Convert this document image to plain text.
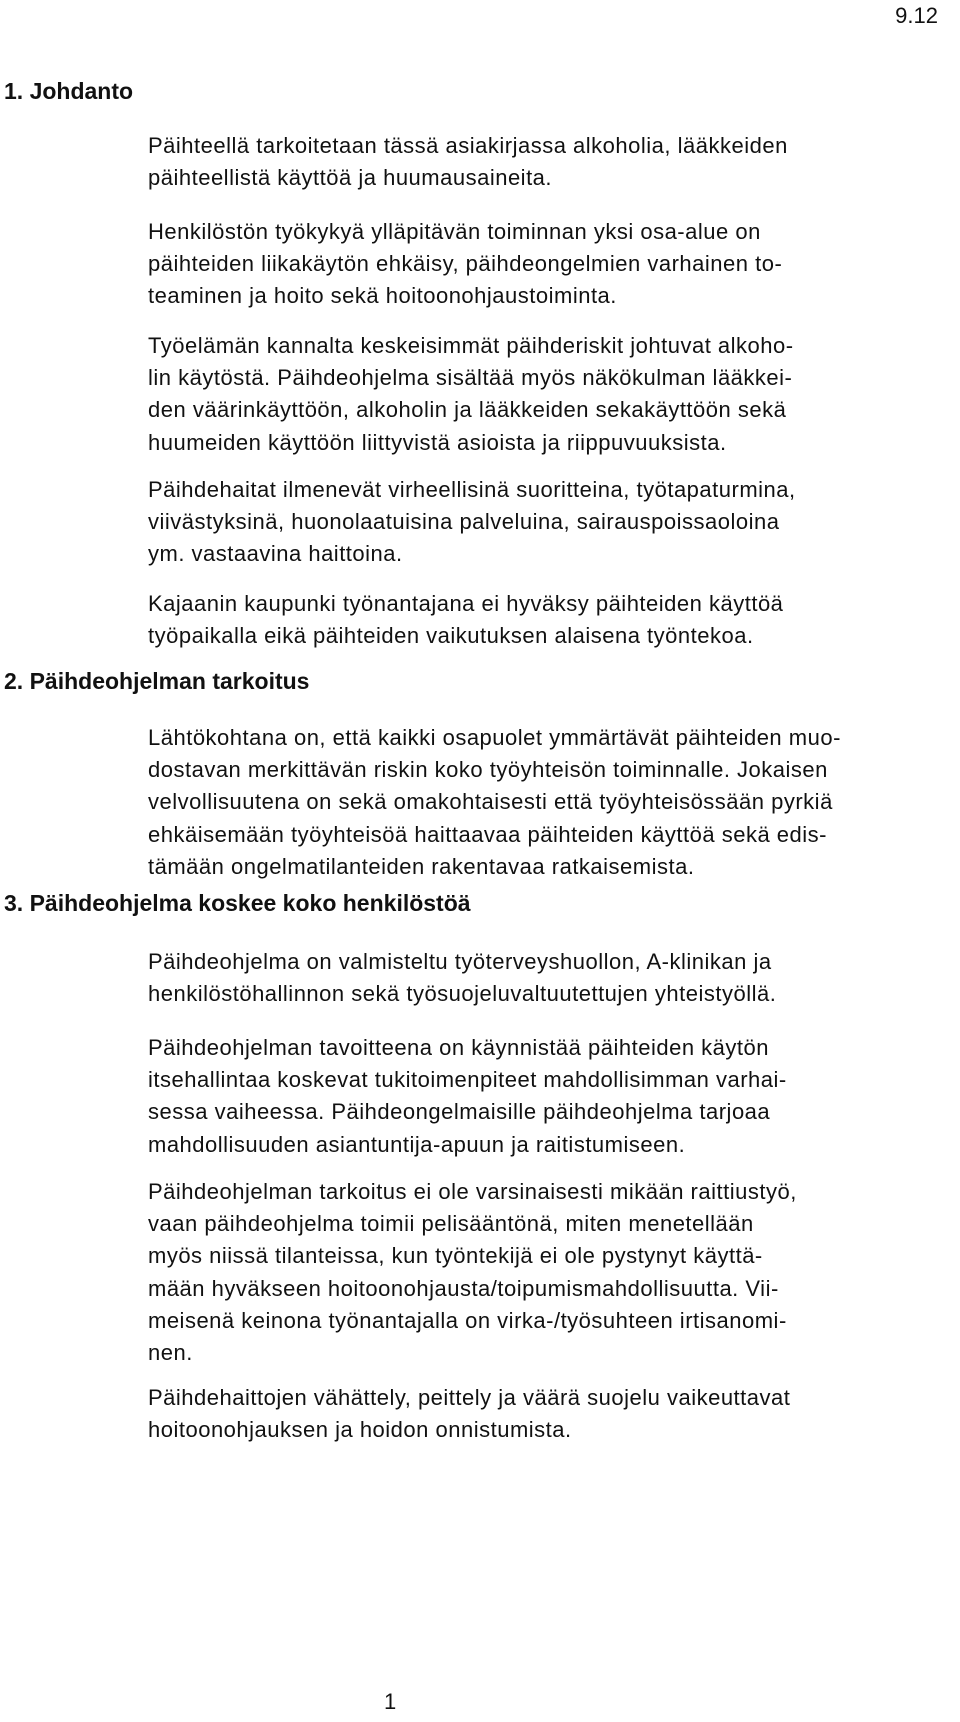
9.12
1. Johdanto

Päihteellä tarkoitetaan tässä asiakirjassa alkoholia, lääkkeiden
päihteellistä käyttöä ja huumausaineita.

Henkilöstön työkykyä ylläpitävän toiminnan yksi osa-alue on
päihteiden liikakäytön ehkäisy, päihdeongelmien varhainen to-
teaminen ja hoito sekä hoitoonohjaustoiminta.

Työelämän kannalta keskeisimmät päihderiskit johtuvat alkoho-
lin käytöstä. Päihdeohjelma sisältää myös näkökulman lääkkei-
den väärinkäyttöön, alkoholin ja lääkkeiden sekakäyttöön sekä
huumeiden käyttöön liittyvistä asioista ja riippuvuuksista.

Päihdehaitat ilmenevät virheellisinä suoritteina, työtapaturmina,
viivästyksinä, huonolaatuisina palveluina, sairauspoissaoloina
ym. vastaavina haittoina.

Kajaanin kaupunki työnantajana ei hyväksy päihteiden käyttöä
työpaikalla eikä päihteiden vaikutuksen alaisena työntekoa.

2. Päihdeohjelman tarkoitus

Lähtökohtana on, että kaikki osapuolet ymmärtävät päihteiden muo-
dostavan merkittävän riskin koko työyhteisön toiminnalle. Jokaisen
velvollisuutena on sekä omakohtaisesti että työyhteisössään pyrkiä
ehkäisemään työyhteisöä haittaavaa päihteiden käyttöä sekä edis-
tämään ongelmatilanteiden rakentavaa ratkaisemista.

3. Päihdeohjelma koskee koko henkilöstöä

Päihdeohjelma on valmisteltu työterveyshuollon, A-klinikan ja
henkilöstöhallinnon sekä työsuojeluvaltuutettujen yhteistyöllä.

Päihdeohjelman tavoitteena on käynnistää päihteiden käytön
itsehallintaa koskevat tukitoimenpiteet mahdollisimman varhai-
sessa vaiheessa. Päihdeongelmaisille päihdeohjelma tarjoaa
mahdollisuuden asiantuntija-apuun ja raitistumiseen.

Päihdeohjelman tarkoitus ei ole varsinaisesti mikään raittiustyö,
vaan päihdeohjelma toimii pelisääntönä, miten menetellään
myös niissä tilanteissa, kun työntekijä ei ole pystynyt käyttä-
mään hyväkseen hoitoonohjausta/toipumismahdollisuutta. Vii-
meisenä keinona työnantajalla on virka-/työsuhteen irtisanomi-
nen.

Päihdehaittojen vähättely, peittely ja väärä suojelu vaikeuttavat
hoitoonohjauksen ja hoidon onnistumista.

1
